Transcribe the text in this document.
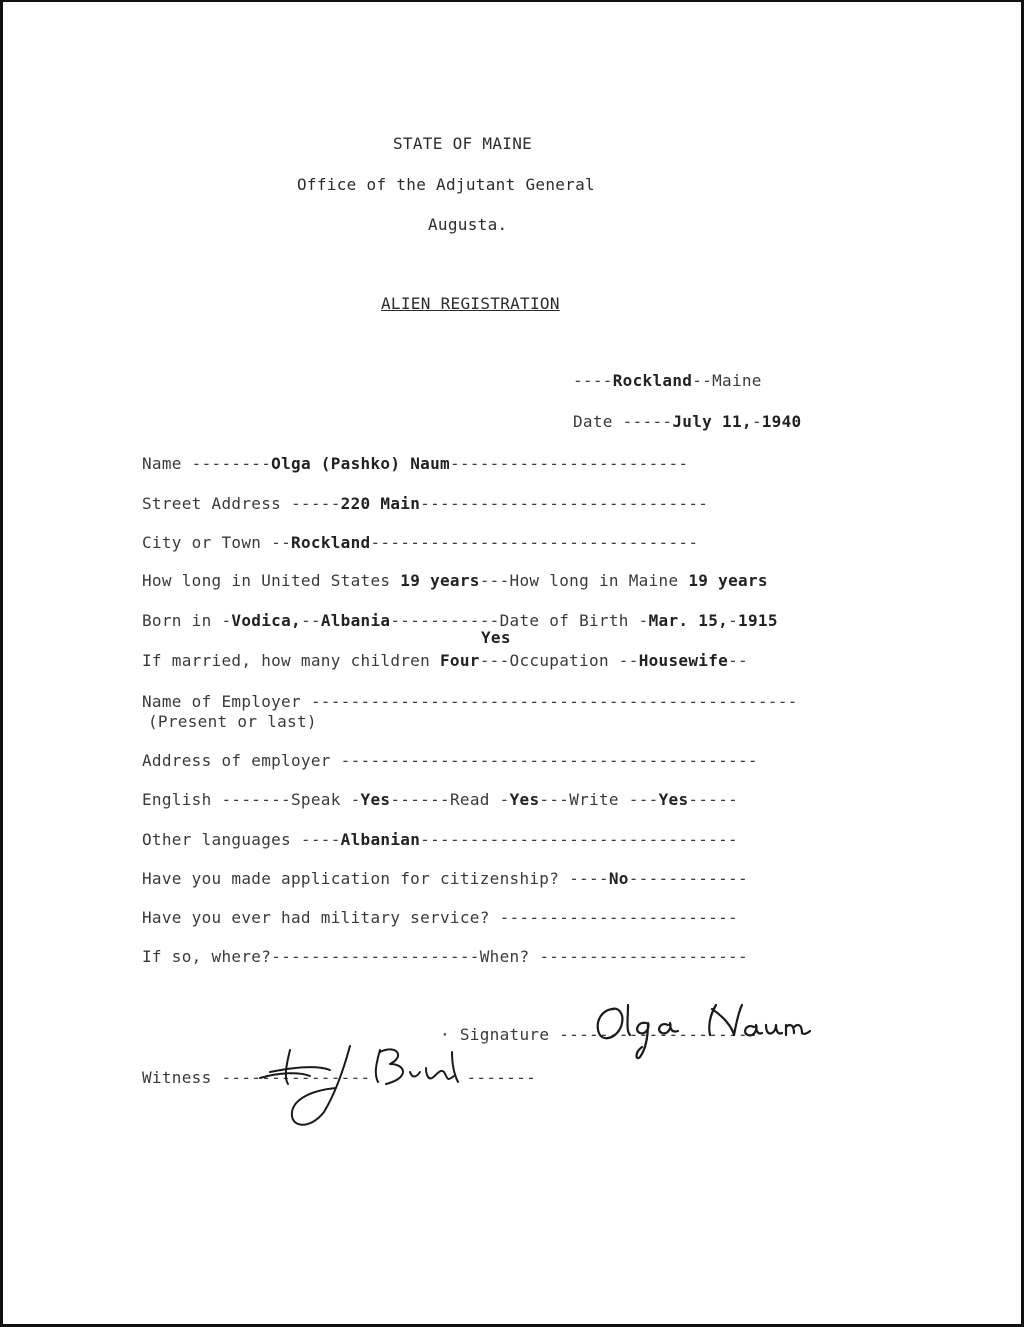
STATE OF MAINE
Office of the Adjutant General
Augusta.
ALIEN REGISTRATION
----Rockland--Maine
Date -----July 11,-1940
Name --------Olga (Pashko) Naum------------------------
Street Address -----220 Main-----------------------------
City or Town --Rockland---------------------------------
How long in United States 19 years---How long in Maine 19 years
Born in -Vodica,--Albania-----------Date of Birth -Mar. 15,-1915
Yes
If married, how many children Four---Occupation --Housewife--
Name of Employer -------------------------------------------------
(Present or last)
Address of employer ------------------------------------------
English -------Speak -Yes------Read -Yes---Write ---Yes-----
Other languages ----Albanian--------------------------------
Have you made application for citizenship? ----No------------
Have you ever had military service? ------------------------
If so, where?---------------------When? ---------------------
· Signature --------------------
Witness ---------------	-------
